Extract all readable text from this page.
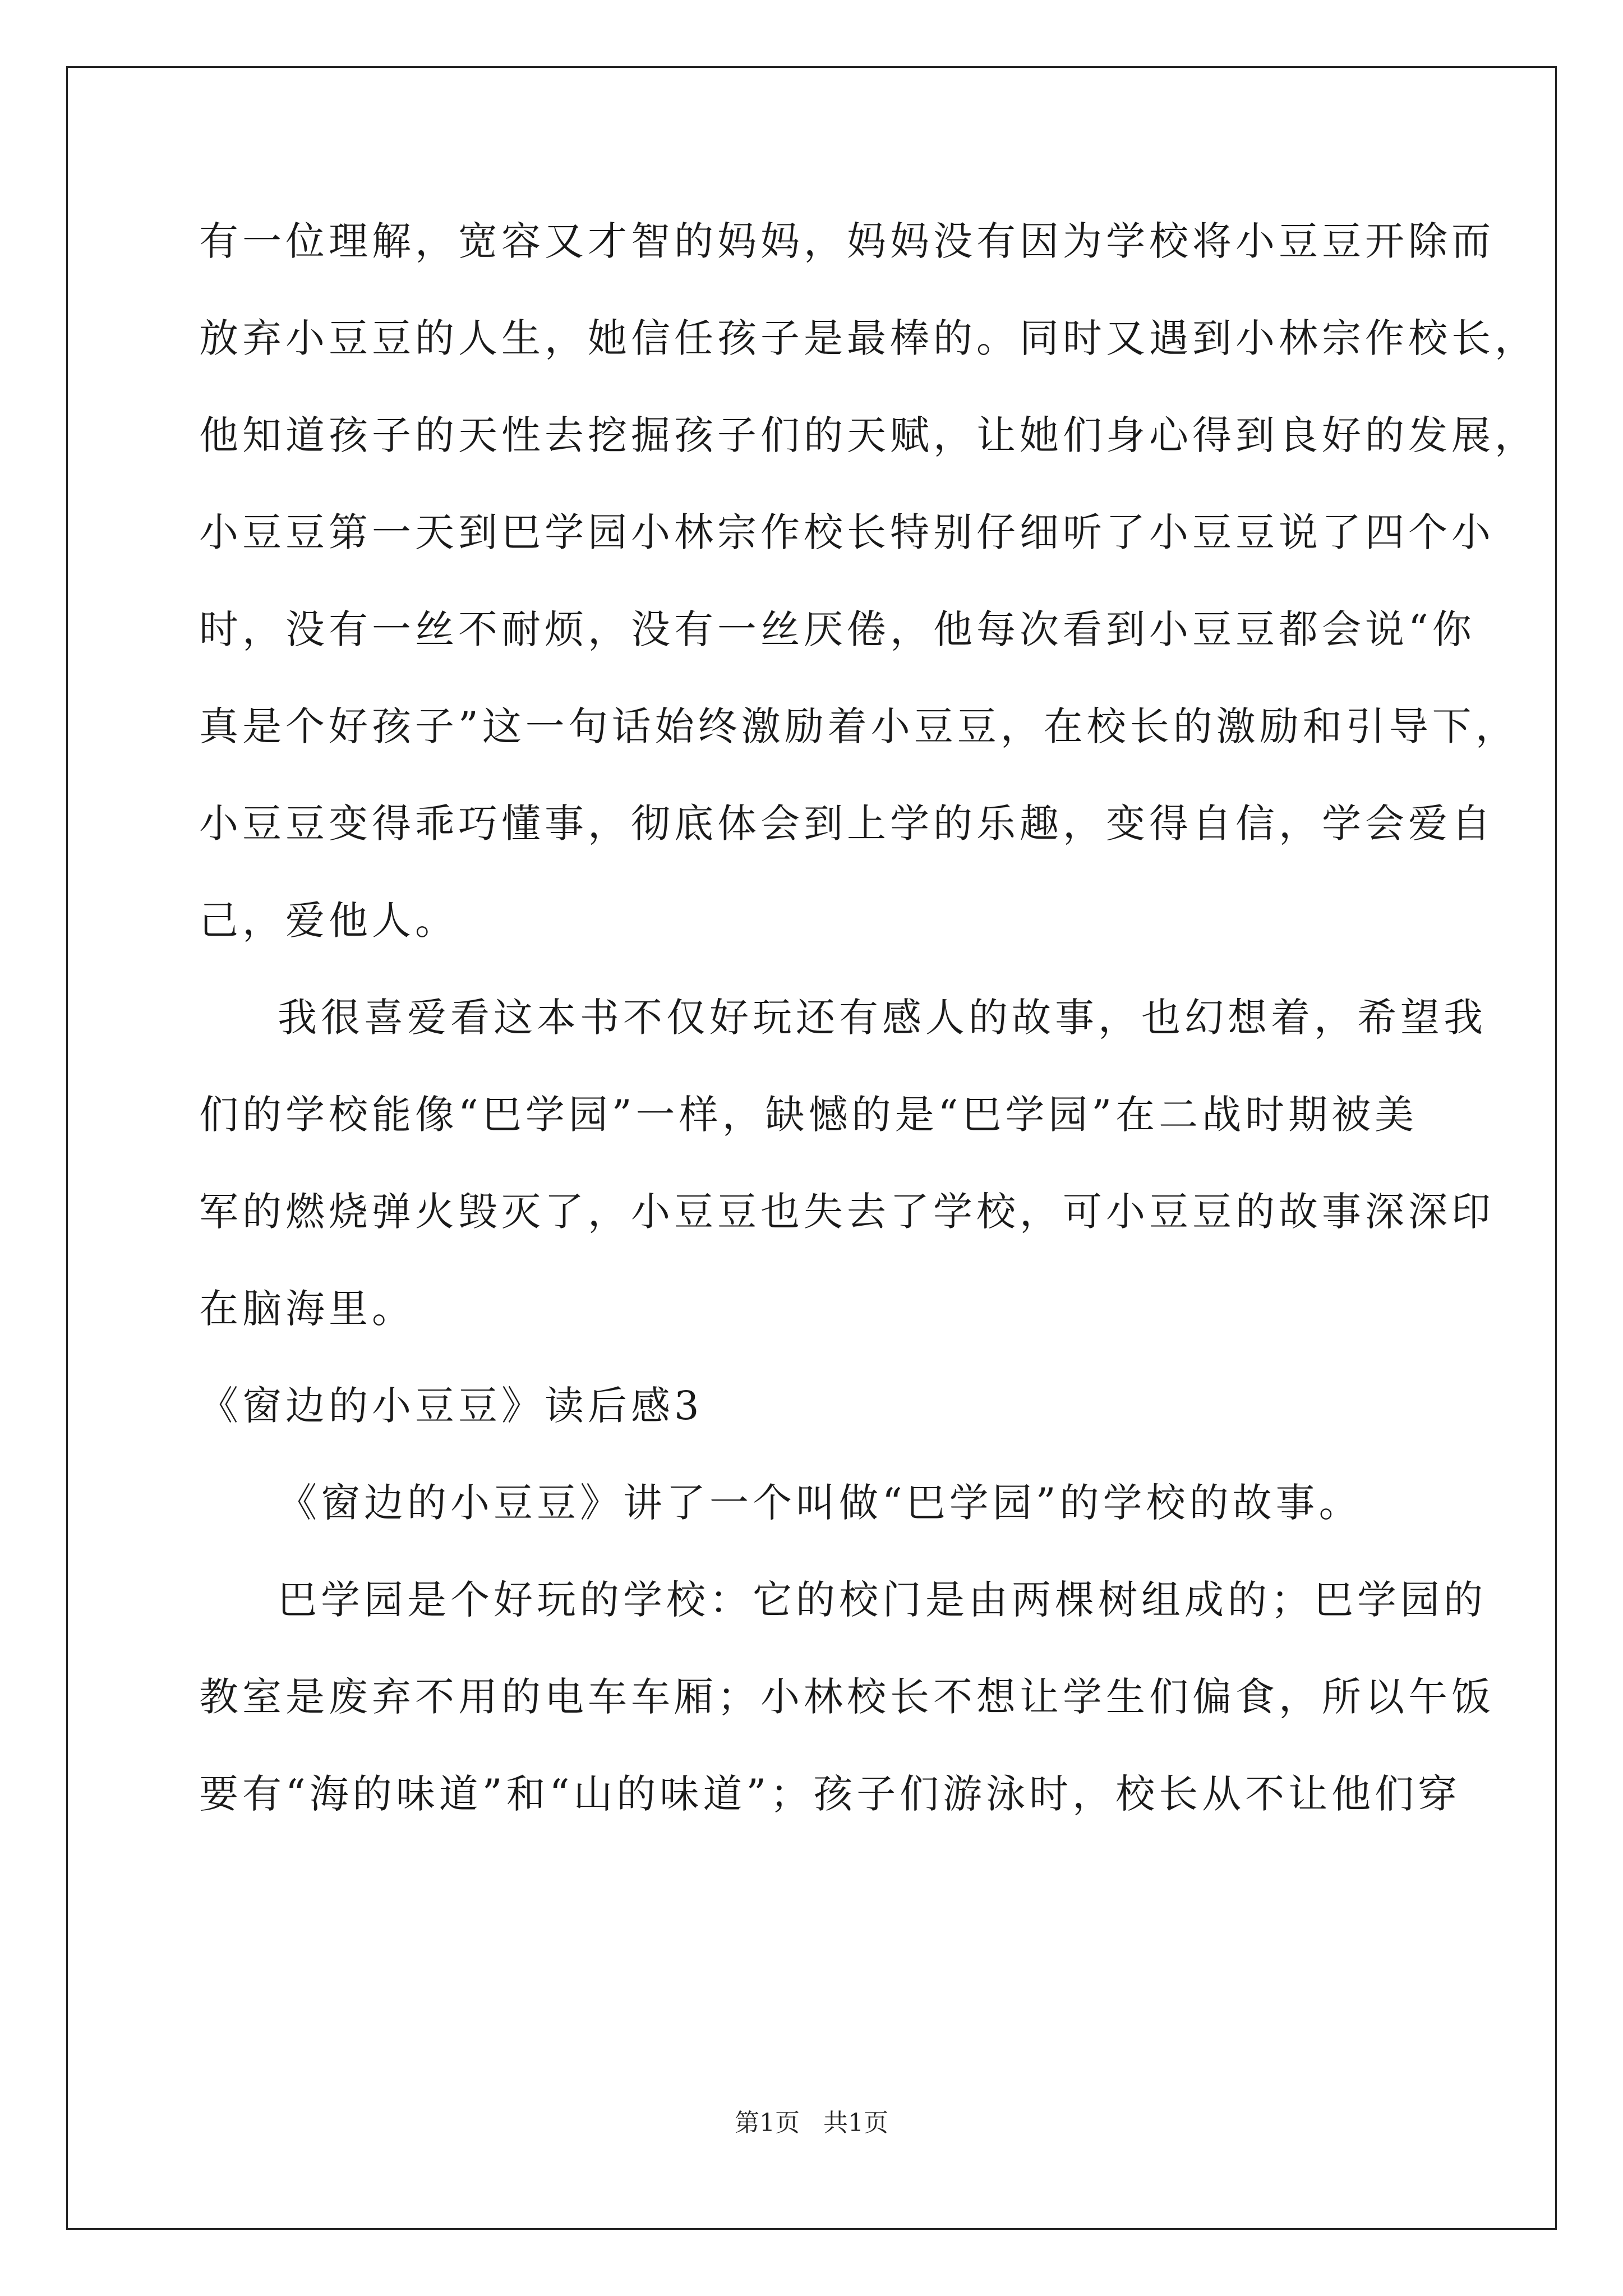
有一位理解，宽容又才智的妈妈，妈妈没有因为学校将小豆豆开除而
放弃小豆豆的人生，她信任孩子是最棒的。同时又遇到小林宗作校长，
他知道孩子的天性去挖掘孩子们的天赋，让她们身心得到良好的发展，
小豆豆第一天到巴学园小林宗作校长特别仔细听了小豆豆说了四个小
时，没有一丝不耐烦，没有一丝厌倦，他每次看到小豆豆都会说“你
真是个好孩子”这一句话始终激励着小豆豆，在校长的激励和引导下，
小豆豆变得乖巧懂事，彻底体会到上学的乐趣，变得自信，学会爱自
己，爱他人。
我很喜爱看这本书不仅好玩还有感人的故事，也幻想着，希望我
们的学校能像“巴学园”一样，缺憾的是“巴学园”在二战时期被美
军的燃烧弹火毁灭了，小豆豆也失去了学校，可小豆豆的故事深深印
在脑海里。
《窗边的小豆豆》读后感3
《窗边的小豆豆》讲了一个叫做“巴学园”的学校的故事。
巴学园是个好玩的学校：它的校门是由两棵树组成的；巴学园的
教室是废弃不用的电车车厢；小林校长不想让学生们偏食，所以午饭
要有“海的味道”和“山的味道”；孩子们游泳时，校长从不让他们穿
第1页   共1页
